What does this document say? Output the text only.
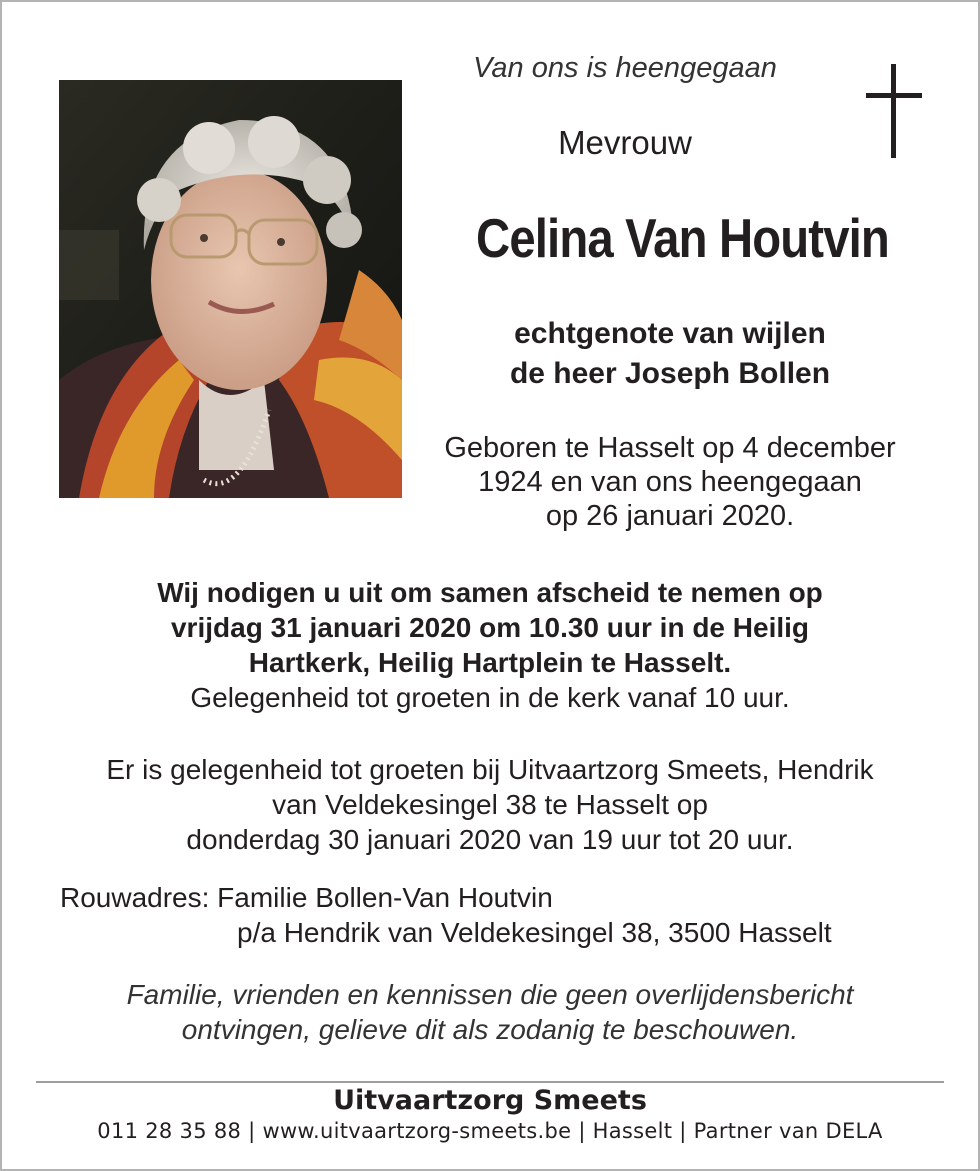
Van ons is heengegaan

Mevrouw

Celina Van Houtvin

echtgenote van wijlen
de heer Joseph Bollen
Geboren te Hasselt op 4 december
1924 en van ons heengegaan
op 26 januari 2020.
Wij nodigen u uit om samen afscheid te nemen op
vrijdag 31 januari 2020 om 10.30 uur in de Heilig
Hartkerk, Heilig Hartplein te Hasselt.
Gelegenheid tot groeten in de kerk vanaf 10 uur.
Er is gelegenheid tot groeten bij Uitvaartzorg Smeets, Hendrik
van Veldekesingel 38 te Hasselt op
donderdag 30 januari 2020 van 19 uur tot 20 uur.

Rouwadres: Familie Bollen-Van Houtvin

p/a Hendrik van Veldekesingel 38, 3500 Hasselt

Familie, vrienden en kennissen die geen overlijdensbericht
ontvingen, gelieve dit als zodanig te beschouwen.

Uitvaartzorg Smeets

011 28 35 88 | www.uitvaartzorg-smeets.be | Hasselt | Partner van DELA
